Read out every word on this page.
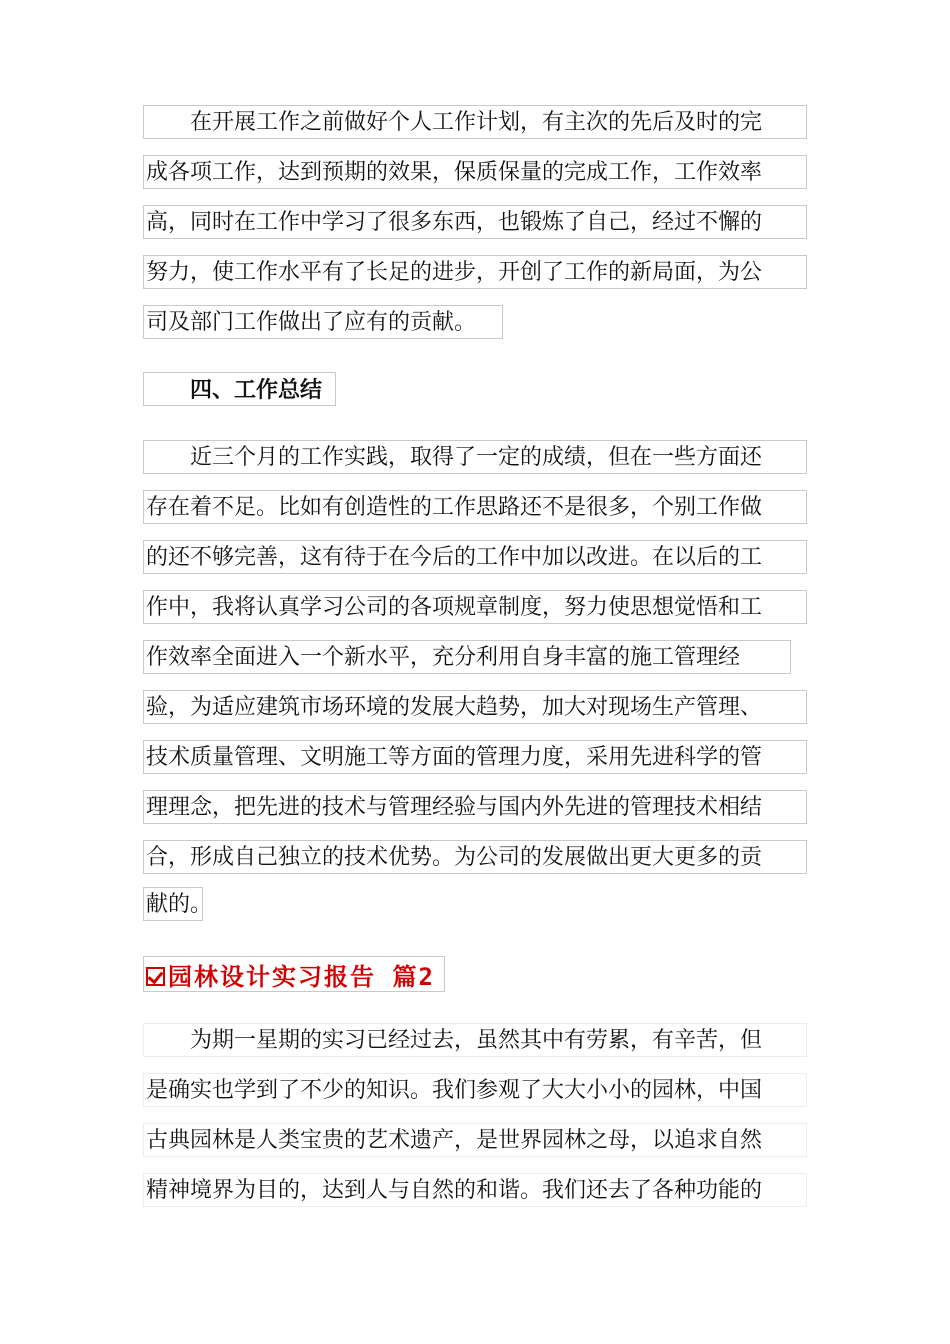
在开展工作之前做好个人工作计划，有主次的先后及时的完
成各项工作，达到预期的效果，保质保量的完成工作，工作效率
高，同时在工作中学习了很多东西，也锻炼了自己，经过不懈的
努力，使工作水平有了长足的进步，开创了工作的新局面，为公
司及部门工作做出了应有的贡献。
四、工作总结
近三个月的工作实践，取得了一定的成绩，但在一些方面还
存在着不足。比如有创造性的工作思路还不是很多，个别工作做
的还不够完善，这有待于在今后的工作中加以改进。在以后的工
作中，我将认真学习公司的各项规章制度，努力使思想觉悟和工
作效率全面进入一个新水平，充分利用自身丰富的施工管理经
验，为适应建筑市场环境的发展大趋势，加大对现场生产管理、
技术质量管理、文明施工等方面的管理力度，采用先进科学的管
理理念，把先进的技术与管理经验与国内外先进的管理技术相结
合，形成自己独立的技术优势。为公司的发展做出更大更多的贡
献的。
园林设计实习报告 篇2
为期一星期的实习已经过去，虽然其中有劳累，有辛苦，但
是确实也学到了不少的知识。我们参观了大大小小的园林，中国
古典园林是人类宝贵的艺术遗产，是世界园林之母，以追求自然
精神境界为目的，达到人与自然的和谐。我们还去了各种功能的
